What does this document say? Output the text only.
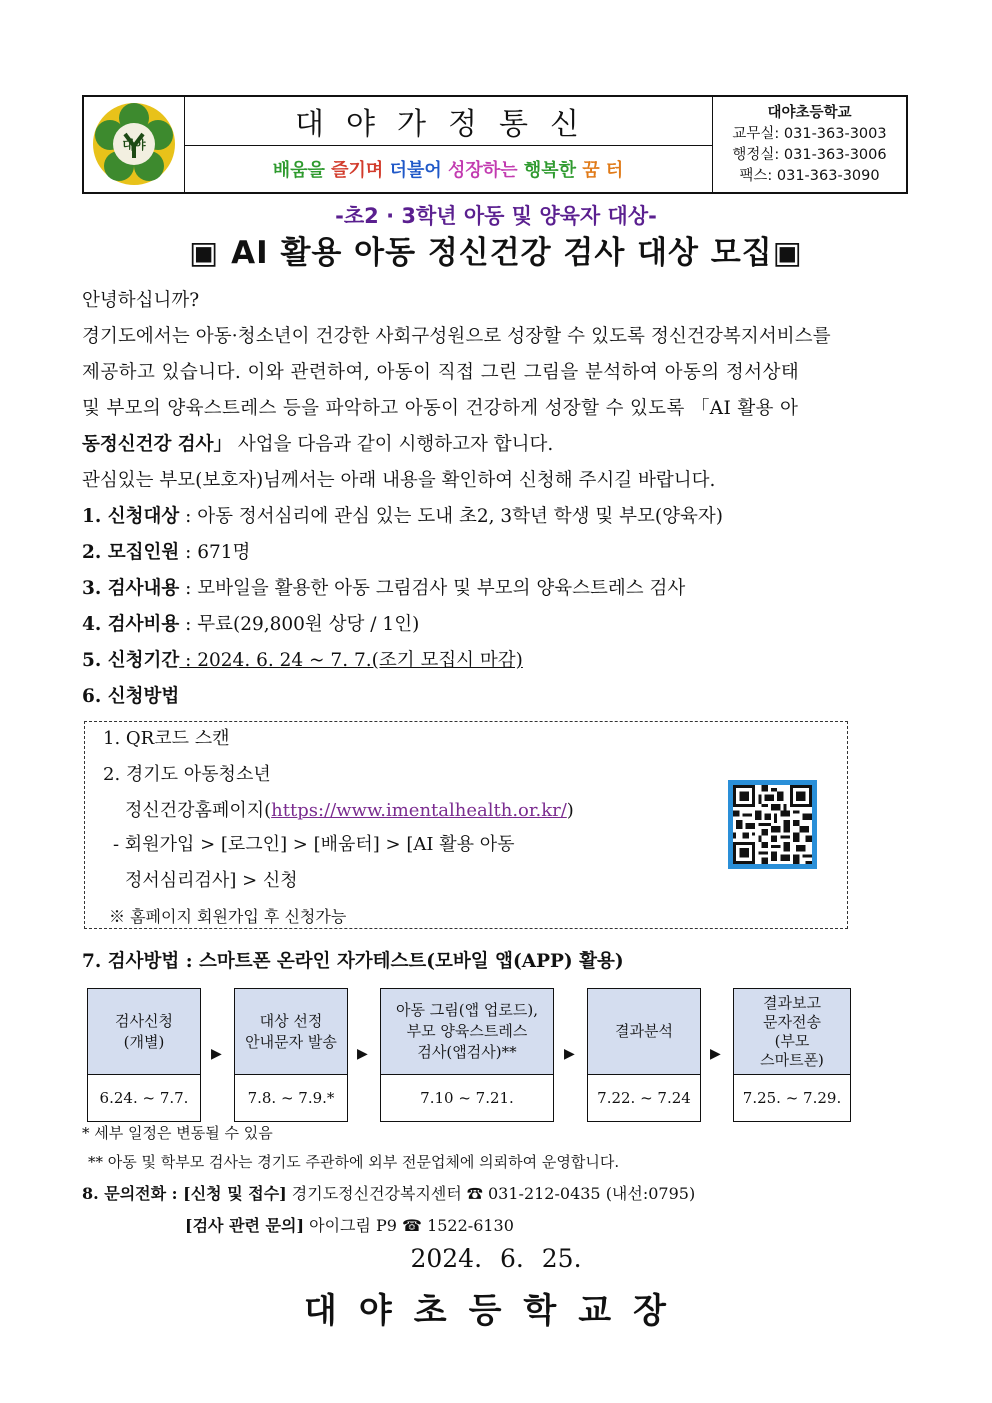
대야
대야가정통신
배움을 즐기며 더불어 성장하는 행복한 꿈 터
대야초등학교
교무실: 031-363-3003
행정실: 031-363-3006
팩스: 031-363-3090
-초2 · 3학년 아동 및 양육자 대상-
▣ AI 활용 아동 정신건강 검사 대상 모집▣
안녕하십니까?
경기도에서는 아동·청소년이 건강한 사회구성원으로 성장할 수 있도록 정신건강복지서비스를
제공하고 있습니다. 이와 관련하여, 아동이 직접 그린 그림을 분석하여 아동의 정서상태
및 부모의 양육스트레스 등을 파악하고 아동이 건강하게 성장할 수 있도록 「AI 활용 아
동정신건강 검사」 사업을 다음과 같이 시행하고자 합니다.
관심있는 부모(보호자)님께서는 아래 내용을 확인하여 신청해 주시길 바랍니다.
1. 신청대상 : 아동 정서심리에 관심 있는 도내 초2, 3학년 학생 및 부모(양육자)
2. 모집인원 : 671명
3. 검사내용 : 모바일을 활용한 아동 그림검사 및 부모의 양육스트레스 검사
4. 검사비용 : 무료(29,800원 상당 / 1인)
5. 신청기간 : 2024. 6. 24 ~ 7. 7.(조기 모집시 마감)
6. 신청방법
1. QR코드 스캔
2. 경기도 아동청소년
정신건강홈페이지(https://www.imentalhealth.or.kr/)
- 회원가입 > [로그인] > [배움터] > [AI 활용 아동
정서심리검사] > 신청
※ 홈페이지 회원가입 후 신청가능
7. 검사방법 : 스마트폰 온라인 자가테스트(모바일 앱(APP) 활용)
검사신청
(개별)
6.24. ~ 7.7.
▶
대상 선정
안내문자 발송
7.8. ~ 7.9.*
▶
아동 그림(앱 업로드),
부모 양육스트레스
검사(앱검사)**
7.10 ~ 7.21.
▶
결과분석
7.22. ~ 7.24
▶
결과보고
문자전송
(부모
스마트폰)
7.25. ~ 7.29.
* 세부 일정은 변동될 수 있음
** 아동 및 학부모 검사는 경기도 주관하에 외부 전문업체에 의뢰하여 운영합니다.
8. 문의전화 : [신청 및 접수] 경기도정신건강복지센터 ☎ 031-212-0435 (내선:0795)
[검사 관련 문의] 아이그림 P9 ☎ 1522-6130
2024. 6. 25.
대야초등학교장
